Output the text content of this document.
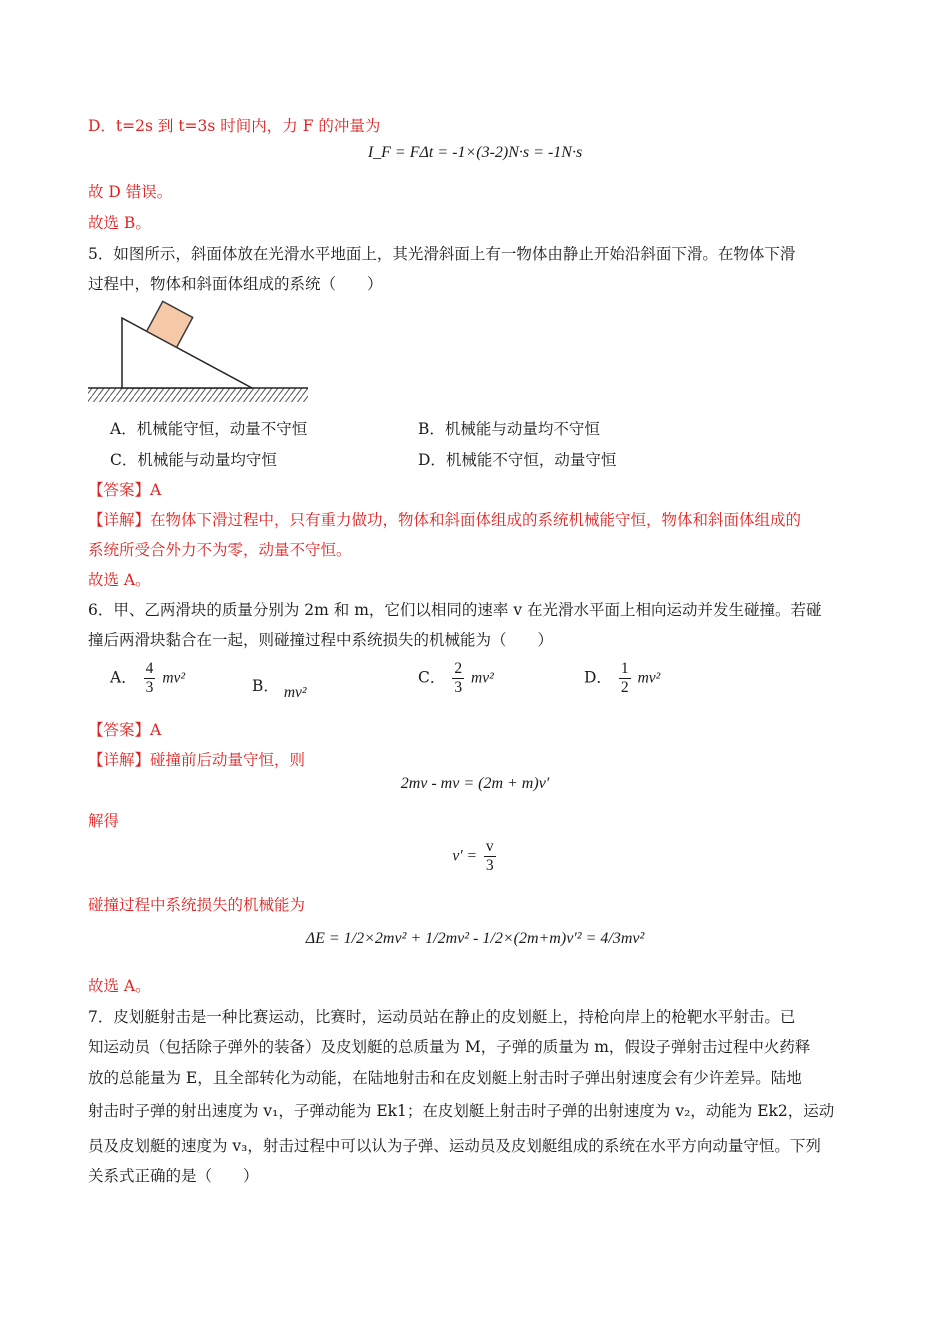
D．t=2s 到 t=3s 时间内，力 F 的冲量为
I_F = FΔt = -1×(3-2)N·s = -1N·s
故 D 错误。
故选 B。
5．如图所示，斜面体放在光滑水平地面上，其光滑斜面上有一物体由静止开始沿斜面下滑。在物体下滑
过程中，物体和斜面体组成的系统（　　）
A．机械能守恒，动量不守恒	B．机械能与动量均不守恒
C．机械能与动量均守恒	D．机械能不守恒，动量守恒
【答案】A
【详解】在物体下滑过程中，只有重力做功，物体和斜面体组成的系统机械能守恒，物体和斜面体组成的
系统所受合外力不为零，动量不守恒。
故选 A。
6．甲、乙两滑块的质量分别为 2m 和 m，它们以相同的速率 v 在光滑水平面上相向运动并发生碰撞。若碰
撞后两滑块黏合在一起，则碰撞过程中系统损失的机械能为（　　）
A． $\frac{4}{3} mv^2$	B． mv²
C． $\frac{2}{3} mv^2$	D． $\frac{1}{2} mv^2$
【答案】A
【详解】碰撞前后动量守恒，则
2mv - mv = (2m + m)v′
解得
$v' = \frac{v}{3}$
碰撞过程中系统损失的机械能为
ΔE = 1/2×2mv² + 1/2mv² - 1/2×(2m+m)v′² = 4/3mv²
故选 A。
7．皮划艇射击是一种比赛运动，比赛时，运动员站在静止的皮划艇上，持枪向岸上的枪靶水平射击。已
知运动员（包括除子弹外的装备）及皮划艇的总质量为 M，子弹的质量为 m，假设子弹射击过程中火药释
放的总能量为 E，且全部转化为动能，在陆地射击和在皮划艇上射击时子弹出射速度会有少许差异。陆地
射击时子弹的射出速度为 v₁，子弹动能为 Ek1；在皮划艇上射击时子弹的出射速度为 v₂，动能为 Ek2，运动
员及皮划艇的速度为 v₃，射击过程中可以认为子弹、运动员及皮划艇组成的系统在水平方向动量守恒。下列
关系式正确的是（　　）
